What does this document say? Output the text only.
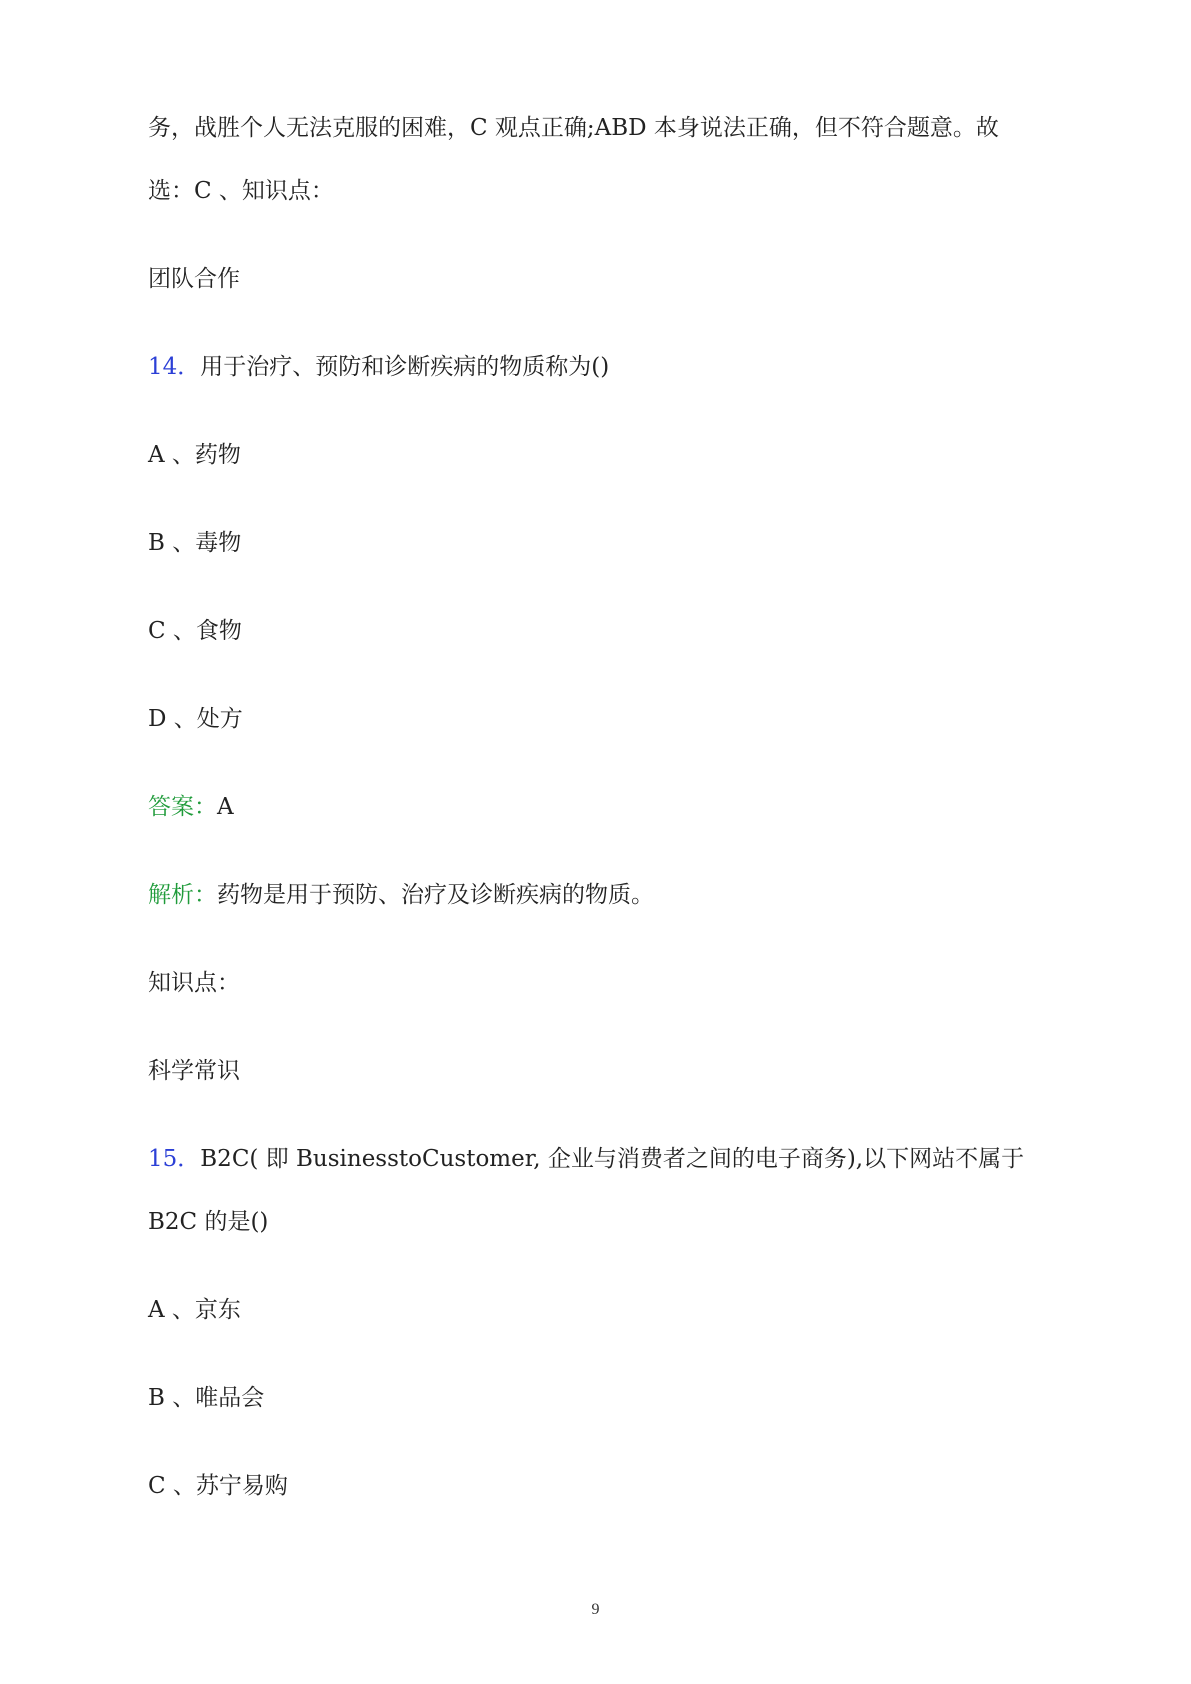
务，战胜个人无法克服的困难，C 观点正确;ABD 本身说法正确，但不符合题意。故
选：C 、知识点：
团队合作
14．用于治疗、预防和诊断疾病的物质称为()
A 、药物
B 、毒物
C 、食物
D 、处方
答案：A
解析：药物是用于预防、治疗及诊断疾病的物质。
知识点：
科学常识
15．B2C( 即 BusinesstoCustomer, 企业与消费者之间的电子商务),以下网站不属于
B2C 的是()
A 、京东
B 、唯品会
C 、苏宁易购
9
